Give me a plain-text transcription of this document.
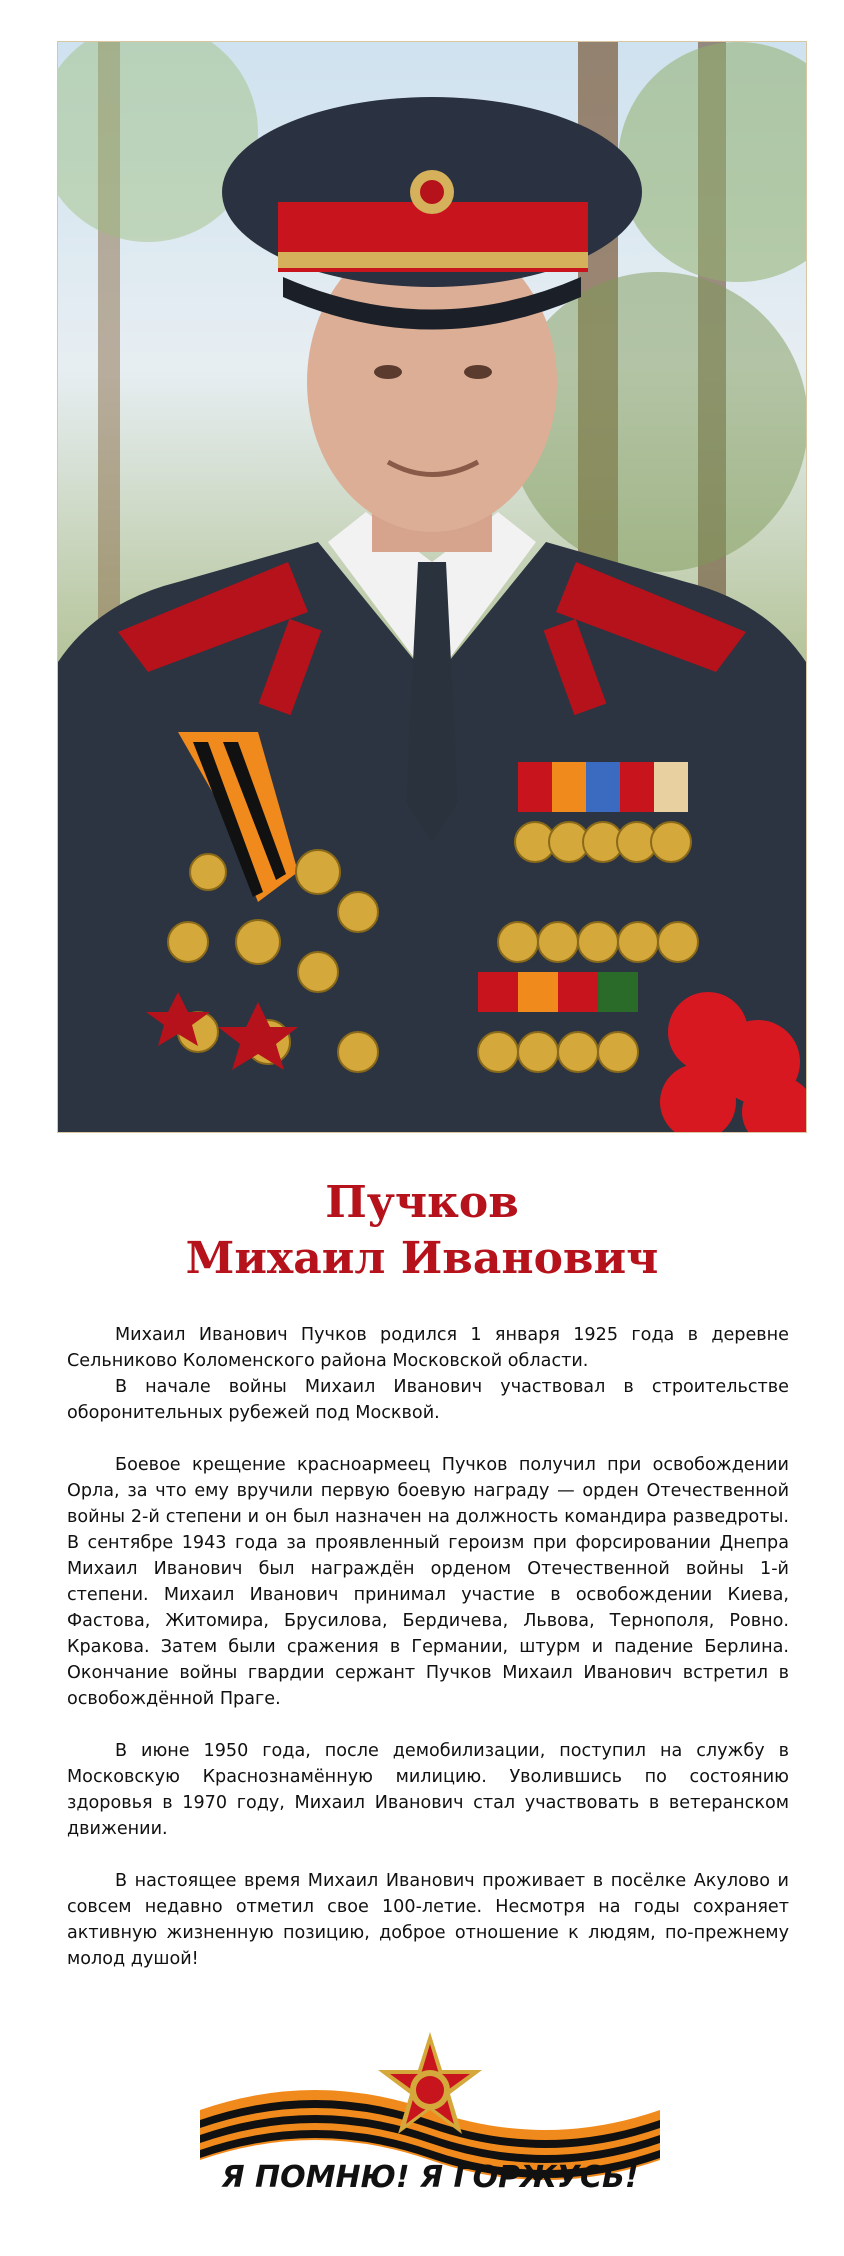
Пучков
Михаил Иванович

Михаил Иванович Пучков родился 1 января 1925 года в деревне Сельниково Коломенского района Московской области.

В начале войны Михаил Иванович участвовал в строительстве оборонительных рубежей под Москвой.

Боевое крещение красноармеец Пучков получил при освобождении Орла, за что ему вручили первую боевую награду — орден Отечественной войны 2-й степени и он был назначен на должность командира разведроты. В сентябре 1943 года за проявленный героизм при форсировании Днепра Михаил Иванович был награждён орденом Отечественной войны 1-й степени. Михаил Иванович принимал участие в освобождении Киева, Фастова, Житомира, Брусилова, Бердичева, Львова, Тернополя, Ровно. Кракова. Затем были сражения в Германии, штурм и падение Берлина. Окончание войны гвардии сержант Пучков Михаил Иванович встретил в освобождённой Праге.

В июне 1950 года, после демобилизации, поступил на службу в Московскую Краснознамённую милицию. Уволившись по состоянию здоровья в 1970 году, Михаил Иванович стал участвовать в ветеранском движении.

В настоящее время Михаил Иванович проживает в посёлке Акулово и совсем недавно отметил свое 100-летие. Несмотря на годы сохраняет активную жизненную позицию, доброе отношение к людям, по-прежнему молод душой!

Я ПОМНЮ! Я ГОРЖУСЬ!
